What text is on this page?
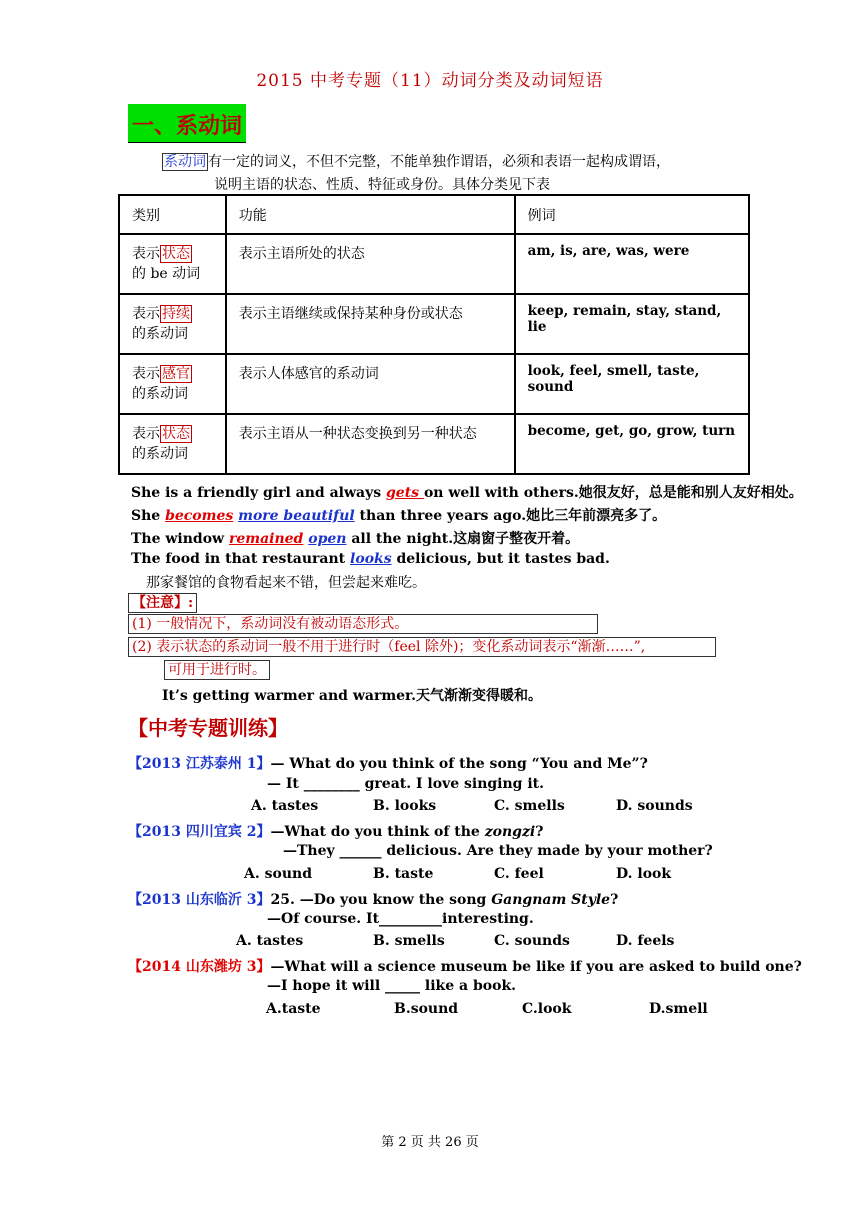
2015 中考专题（11）动词分类及动词短语
一、系动词
系动词 有一定的词义，不但不完整，不能单独作谓语，必须和表语一起构成谓语，
说明主语的状态、性质、特征或身份。具体分类见下表
类别	功能	例词
表示 状态
的 be 动词	表示主语所处的状态	am, is, are, was, were
表示 持续
的系动词	表示主语继续或保持某种身份或状态	keep, remain, stay, stand, lie
表示 感官
的系动词	表示人体感官的系动词	look, feel, smell, taste, sound
表示 状态
的系动词	表示主语从一种状态变换到另一种状态	become, get, go, grow, turn
She is a friendly girl and always gets on well with others.她很友好，总是能和别人友好相处。
She becomes more beautiful than three years ago.她比三年前漂亮多了。
The window remained open all the night.这扇窗子整夜开着。
The food in that restaurant looks delicious, but it tastes bad.
那家餐馆的食物看起来不错，但尝起来难吃。
【注意】:
(1) 一般情况下，系动词没有被动语态形式。
(2) 表示状态的系动词一般不用于进行时（feel 除外)；变化系动词表示“渐渐……”,
可用于进行时。
It’s getting warmer and warmer.天气渐渐变得暖和。
【中考专题训练】
【2013 江苏泰州 1】— What do you think of the song “You and Me”?
— It ________ great. I love singing it.
A. tastes	B. looks	C. smells	D. sounds
【2013 四川宜宾 2】—What do you think of the zongzi?
—They ______ delicious. Are they made by your mother?
A. sound	B. taste	C. feel	D. look
【2013 山东临沂 3】25. —Do you know the song Gangnam Style?
—Of course. It_________interesting.
A. tastes	B. smells	C. sounds	D. feels
【2014 山东潍坊 3】—What will a science museum be like if you are asked to build one?
—I hope it will _____ like a book.
A.taste	B.sound	C.look	D.smell
第 2 页 共 26 页
